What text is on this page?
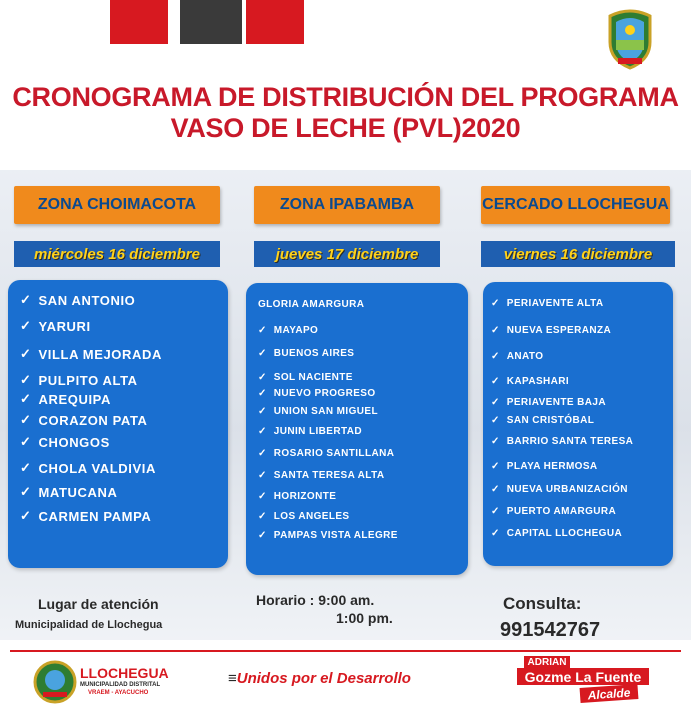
CRONOGRAMA DE DISTRIBUCIÓN DEL PROGRAMA
VASO DE LECHE (PVL)2020
ZONA CHOIMACOTA	ZONA IPABAMBA	CERCADO LLOCHEGUA
miércoles 16 diciembre	jueves 17 diciembre	viernes 16 diciembre
✓ SAN ANTONIO
✓ YARURI
✓ VILLA MEJORADA
✓ PULPITO ALTA
✓ AREQUIPA
✓ CORAZON PATA
✓ CHONGOS
✓ CHOLA VALDIVIA
✓ MATUCANA
✓ CARMEN PAMPA
GLORIA AMARGURA
✓ MAYAPO
✓ BUENOS AIRES
✓ SOL NACIENTE
✓ NUEVO PROGRESO
✓ UNION SAN MIGUEL
✓ JUNIN LIBERTAD
✓ ROSARIO SANTILLANA
✓ SANTA TERESA ALTA
✓ HORIZONTE
✓ LOS ANGELES
✓ PAMPAS VISTA ALEGRE
✓ PERIAVENTE ALTA
✓ NUEVA ESPERANZA
✓ ANATO
✓ KAPASHARI
✓ PERIAVENTE BAJA
✓ SAN CRISTÓBAL
✓ BARRIO SANTA TERESA
✓ PLAYA HERMOSA
✓ NUEVA URBANIZACIÓN
✓ PUERTO AMARGURA
✓ CAPITAL LLOCHEGUA
Lugar de atención
Municipalidad de Llochegua
Horario : 9:00 am.
1:00 pm.
Consulta:
991542767
LLOCHEGUA
MUNICIPALIDAD DISTRITAL
VRAEM - AYACUCHO
≡Unidos por el Desarrollo
ADRIAN
Gozme La Fuente
Alcalde
